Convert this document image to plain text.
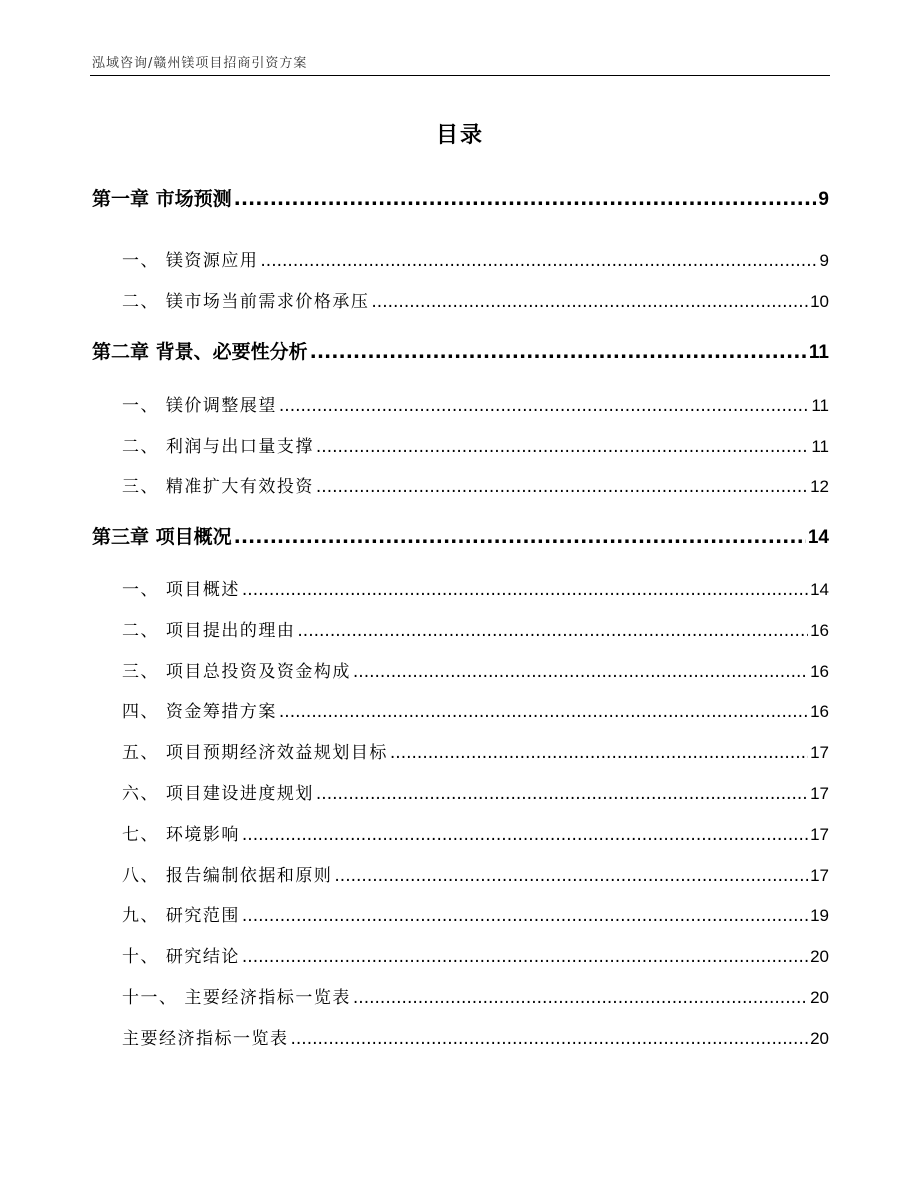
泓域咨询/赣州镁项目招商引资方案
目录
第一章 市场预测 .....	9
一、 镁资源应用 .....	9
二、 镁市场当前需求价格承压 .....	10
第二章 背景、必要性分析 .....	11
一、 镁价调整展望 .....	11
二、 利润与出口量支撑 .....	11
三、 精准扩大有效投资 .....	12
第三章 项目概况 .....	14
一、 项目概述 .....	14
二、 项目提出的理由 .....	16
三、 项目总投资及资金构成 .....	16
四、 资金筹措方案 .....	16
五、 项目预期经济效益规划目标 .....	17
六、 项目建设进度规划 .....	17
七、 环境影响 .....	17
八、 报告编制依据和原则 .....	17
九、 研究范围 .....	19
十、 研究结论 .....	20
十一、 主要经济指标一览表 .....	20
主要经济指标一览表 .....	20
